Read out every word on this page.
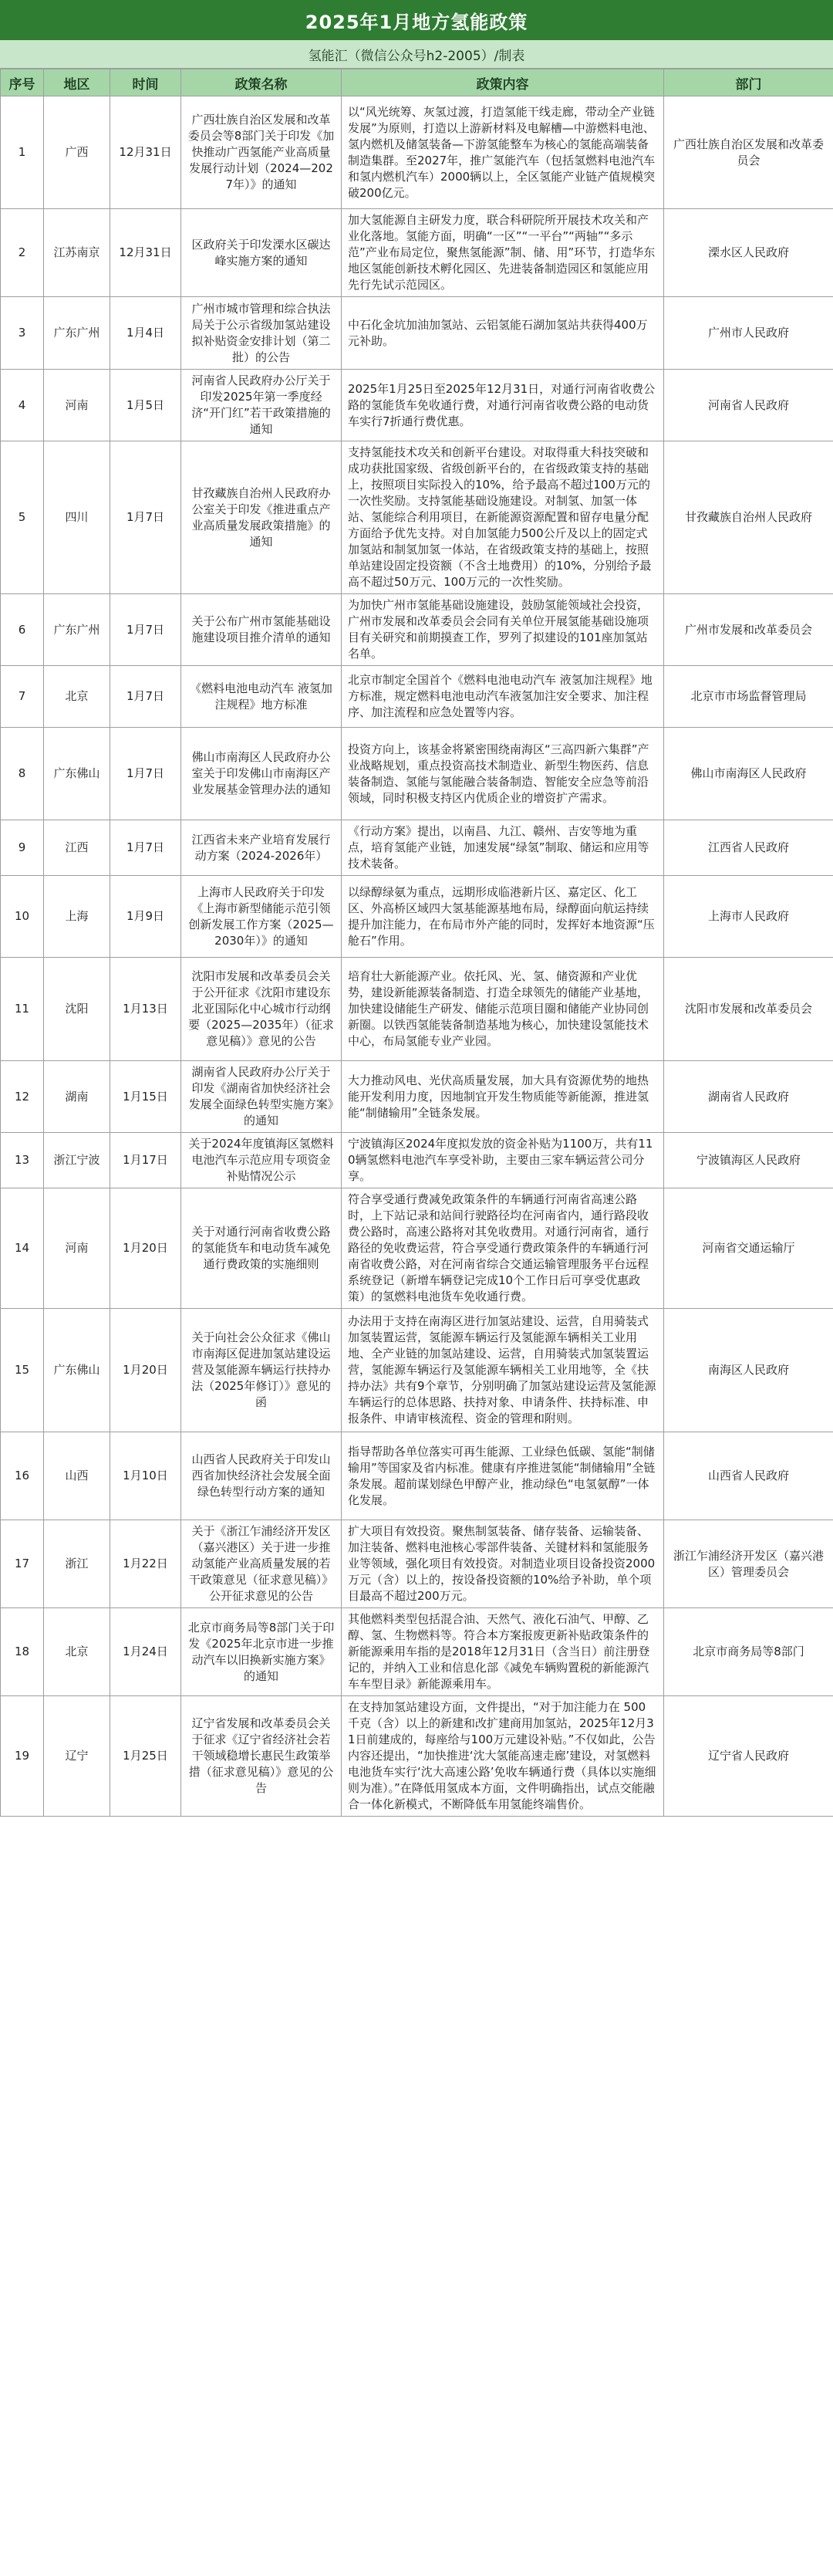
2025年1月地方氢能政策
氢能汇（微信公众号h2-2005）/制表
序号	地区	时间	政策名称	政策内容	部门
1	广西	12月31日	广西壮族自治区发展和改革委员会等8部门关于印发《加快推动广西氢能产业高质量发展行动计划（2024—2027年）》的通知	以“风光统筹、灰氢过渡，打造氢能干线走廊，带动全产业链发展”为原则，打造以上游新材料及电解槽—中游燃料电池、氢内燃机及储氢装备—下游氢能整车为核心的氢能高端装备制造集群。至2027年，推广氢能汽车（包括氢燃料电池汽车和氢内燃机汽车）2000辆以上，全区氢能产业链产值规模突破200亿元。	广西壮族自治区发展和改革委员会
2	江苏南京	12月31日	区政府关于印发溧水区碳达峰实施方案的通知	加大氢能源自主研发力度，联合科研院所开展技术攻关和产业化落地。氢能方面，明确“一区”“一平台”“两轴”“多示范”产业布局定位，聚焦氢能源”制、储、用”环节，打造华东地区氢能创新技术孵化园区、先进装备制造园区和氢能应用先行先试示范园区。	溧水区人民政府
3	广东广州	1月4日	广州市城市管理和综合执法局关于公示省级加氢站建设拟补贴资金安排计划（第二批）的公告	中石化金坑加油加氢站、云铝氢能石湖加氢站共获得400万元补助。	广州市人民政府
4	河南	1月5日	河南省人民政府办公厅关于印发2025年第一季度经济“开门红”若干政策措施的通知	2025年1月25日至2025年12月31日，对通行河南省收费公路的氢能货车免收通行费，对通行河南省收费公路的电动货车实行7折通行费优惠。	河南省人民政府
5	四川	1月7日	甘孜藏族自治州人民政府办公室关于印发《推进重点产业高质量发展政策措施》的通知	支持氢能技术攻关和创新平台建设。对取得重大科技突破和成功获批国家级、省级创新平台的，在省级政策支持的基础上，按照项目实际投入的10%，给予最高不超过100万元的一次性奖励。支持氢能基础设施建设。对制氢、加氢一体站、氢能综合利用项目，在新能源资源配置和留存电量分配方面给予优先支持。对自加氢能力500公斤及以上的固定式加氢站和制氢加氢一体站，在省级政策支持的基础上，按照单站建设固定投资额（不含土地费用）的10%，分别给予最高不超过50万元、100万元的一次性奖励。	甘孜藏族自治州人民政府
6	广东广州	1月7日	关于公布广州市氢能基础设施建设项目推介清单的通知	为加快广州市氢能基础设施建设，鼓励氢能领域社会投资，广州市发展和改革委员会会同有关单位开展氢能基础设施项目有关研究和前期摸查工作，罗列了拟建设的101座加氢站名单。	广州市发展和改革委员会
7	北京	1月7日	《燃料电池电动汽车 液氢加注规程》地方标准	北京市制定全国首个《燃料电池电动汽车 液氢加注规程》地方标准，规定燃料电池电动汽车液氢加注安全要求、加注程序、加注流程和应急处置等内容。	北京市市场监督管理局
8	广东佛山	1月7日	佛山市南海区人民政府办公室关于印发佛山市南海区产业发展基金管理办法的通知	投资方向上，该基金将紧密围绕南海区“三高四新六集群”产业战略规划，重点投资高技术制造业、新型生物医药、信息装备制造、氢能与氢能融合装备制造、智能安全应急等前沿领域，同时积极支持区内优质企业的增资扩产需求。	佛山市南海区人民政府
9	江西	1月7日	江西省未来产业培育发展行动方案（2024-2026年）	《行动方案》提出，以南昌、九江、赣州、吉安等地为重点，培育氢能产业链，加速发展“绿氢”制取、储运和应用等技术装备。	江西省人民政府
10	上海	1月9日	上海市人民政府关于印发《上海市新型储能示范引领创新发展工作方案（2025—2030年）》的通知	以绿醇绿氨为重点，远期形成临港新片区、嘉定区、化工区、外高桥区域四大氢基能源基地布局，绿醇面向航运持续提升加注能力，在布局市外产能的同时，发挥好本地资源“压舱石”作用。	上海市人民政府
11	沈阳	1月13日	沈阳市发展和改革委员会关于公开征求《沈阳市建设东北亚国际化中心城市行动纲要（2025—2035年）（征求意见稿）》意见的公告	培育壮大新能源产业。依托风、光、氢、储资源和产业优势，建设新能源装备制造、打造全球领先的储能产业基地，加快建设储能生产研发、储能示范项目圈和储能产业协同创新圈。以铁西氢能装备制造基地为核心，加快建设氢能技术中心，布局氢能专业产业园。	沈阳市发展和改革委员会
12	湖南	1月15日	湖南省人民政府办公厅关于印发《湖南省加快经济社会发展全面绿色转型实施方案》的通知	大力推动风电、光伏高质量发展，加大具有资源优势的地热能开发利用力度，因地制宜开发生物质能等新能源，推进氢能“制储输用”全链条发展。	湖南省人民政府
13	浙江宁波	1月17日	关于2024年度镇海区氢燃料电池汽车示范应用专项资金补贴情况公示	宁波镇海区2024年度拟发放的资金补贴为1100万，共有110辆氢燃料电池汽车享受补助，主要由三家车辆运营公司分享。	宁波镇海区人民政府
14	河南	1月20日	关于对通行河南省收费公路的氢能货车和电动货车减免通行费政策的实施细则	符合享受通行费减免政策条件的车辆通行河南省高速公路时，上下站记录和站间行驶路径均在河南省内，通行路段收费公路时，高速公路将对其免收费用。对通行河南省，通行路径的免收费运营，符合享受通行费政策条件的车辆通行河南省收费公路，对在河南省综合交通运输管理服务平台远程系统登记（新增车辆登记完成10个工作日后可享受优惠政策）的氢燃料电池货车免收通行费。	河南省交通运输厅
15	广东佛山	1月20日	关于向社会公众征求《佛山市南海区促进加氢站建设运营及氢能源车辆运行扶持办法（2025年修订）》意见的函	办法用于支持在南海区进行加氢站建设、运营，自用骑装式加氢装置运营，氢能源车辆运行及氢能源车辆相关工业用地、全产业链的加氢站建设、运营，自用骑装式加氢装置运营，氢能源车辆运行及氢能源车辆相关工业用地等，全《扶持办法》共有9个章节，分别明确了加氢站建设运营及氢能源车辆运行的总体思路、扶持对象、申请条件、扶持标准、申报条件、申请审核流程、资金的管理和附则。	南海区人民政府
16	山西	1月10日	山西省人民政府关于印发山西省加快经济社会发展全面绿色转型行动方案的通知	指导帮助各单位落实可再生能源、工业绿色低碳、氢能“制储输用”等国家及省内标准。健康有序推进氢能“制储输用”全链条发展。超前谋划绿色甲醇产业，推动绿色“电氢氨醇”一体化发展。	山西省人民政府
17	浙江	1月22日	关于《浙江乍浦经济开发区（嘉兴港区）关于进一步推动氢能产业高质量发展的若干政策意见（征求意见稿）》公开征求意见的公告	扩大项目有效投资。聚焦制氢装备、储存装备、运输装备、加注装备、燃料电池核心零部件装备、关键材料和氢能服务业等领域，强化项目有效投资。对制造业项目设备投资2000万元（含）以上的，按设备投资额的10%给予补助，单个项目最高不超过200万元。	浙江乍浦经济开发区（嘉兴港区）管理委员会
18	北京	1月24日	北京市商务局等8部门关于印发《2025年北京市进一步推动汽车以旧换新实施方案》的通知	其他燃料类型包括混合油、天然气、液化石油气、甲醇、乙醇、氢、生物燃料等。符合本方案报废更新补贴政策条件的新能源乘用车指的是2018年12月31日（含当日）前注册登记的，并纳入工业和信息化部《减免车辆购置税的新能源汽车车型目录》新能源乘用车。	北京市商务局等8部门
19	辽宁	1月25日	辽宁省发展和改革委员会关于征求《辽宁省经济社会若干领域稳增长惠民生政策举措（征求意见稿）》意见的公告	在支持加氢站建设方面，文件提出，“对于加注能力在 500 千克（含）以上的新建和改扩建商用加氢站，2025年12月31日前建成的，每座给与100万元建设补贴。”不仅如此，公告内容还提出，“加快推进‘沈大氢能高速走廊’建设，对氢燃料电池货车实行‘沈大高速公路’免收车辆通行费（具体以实施细则为准）。”在降低用氢成本方面，文件明确指出，试点交能融合一体化新模式，不断降低车用氢能终端售价。	辽宁省人民政府
